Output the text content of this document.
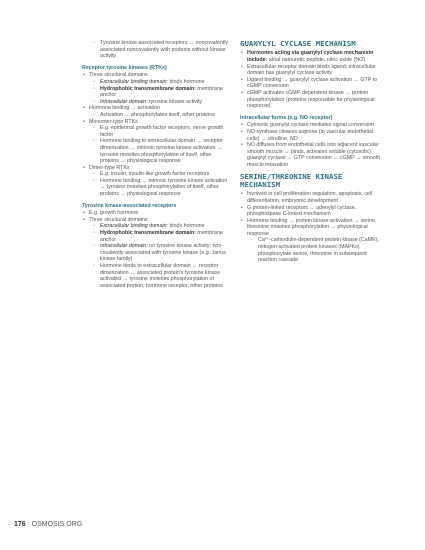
◦ Tyrosine kinase-associated receptors → noncovalently associated noncovalently with proteins without kinase activity
Receptor tyrosine kinases (RTKs)
• Three structural domains
◦ Extracellular binding domain: binds hormone
◦ Hydrophobic transmembrane domain: membrane anchor
◦ Intracellular domain: tyrosine kinase activity
• Hormone binding → activation
◦ Activation → phosphorylates itself, other proteins
• Monomer-type RTKs
◦ E.g. epidermal growth factor receptors, nerve growth factor
◦ Hormone binding to extracellular domain → receptor dimerization → intrinsic tyrosine kinase activation → tyrosine moieties phosphorylation of itself, other proteins → physiological response
• Dimer-type RTKs
◦ E.g. insulin, insulin-like growth factor receptors
◦ Hormone binding → intrinsic tyrosine kinase activation → tyrosine moieties phosphorylation of itself, other proteins → physiological response
Tyrosine kinase-associated receptors
• E.g. growth hormone
• Three structural domains
◦ Extracellular binding domain: binds hormone
◦ Hydrophobic transmembrane domain: membrane anchor
◦ Intracellular domain: no tyrosine kinase activity; non-covalently associated with tyrosine kinase (e.g. Janus kinase family)
◦ Hormone binds to extracellular domain → receptor dimerization → associated protein's tyrosine kinase activated → tyrosine moieties phosphorylation of associated protein, hormone receptor, other proteins
GUANYLYL CYCLASE MECHANISM
• Hormones acting via guanylyl cyclase mechanism include: atrial natriuretic peptide, nitric oxide (NO)
• Extracellular receptor domain binds ligand; intracellular domain has guanylyl cyclase activity
• Ligand binding → guanylyl cyclase activation → GTP to cGMP conversion
• cGMP activates cGMP-dependent kinase → protein phosphorylation (proteins responsible for physiological response)
Intracellular forms (e.g. NO receptor)
• Cytosolic guanylyl cyclase mediates signal conversion
• NO synthase cleaves arginine (in vascular endothelial cells) → citrulline, NO
• NO diffuses from endothelial cells into adjacent vascular smooth muscle → binds, activates soluble (cytosolic) guanylyl cyclase → GTP conversion → cGMP → smooth muscle relaxation
SERINE/THREONINE KINASE MECHANISM
• Involved in cell proliferation regulation, apoptosis, cell differentiation, embryonic development
• G protein-linked receptors → adenylyl cyclase, phospholipase C-linked mechanism
• Hormone binding → protein kinase activation → serine, threonine moieties phosphorylation → physiological response
◦ Ca²⁺-calmodulin-dependent protein kinase (CaMK), mitogen-activated protein kinases (MAPKs) phosphorylate serine, threonine in subsequent reaction cascade
176 OSMOSIS.ORG
